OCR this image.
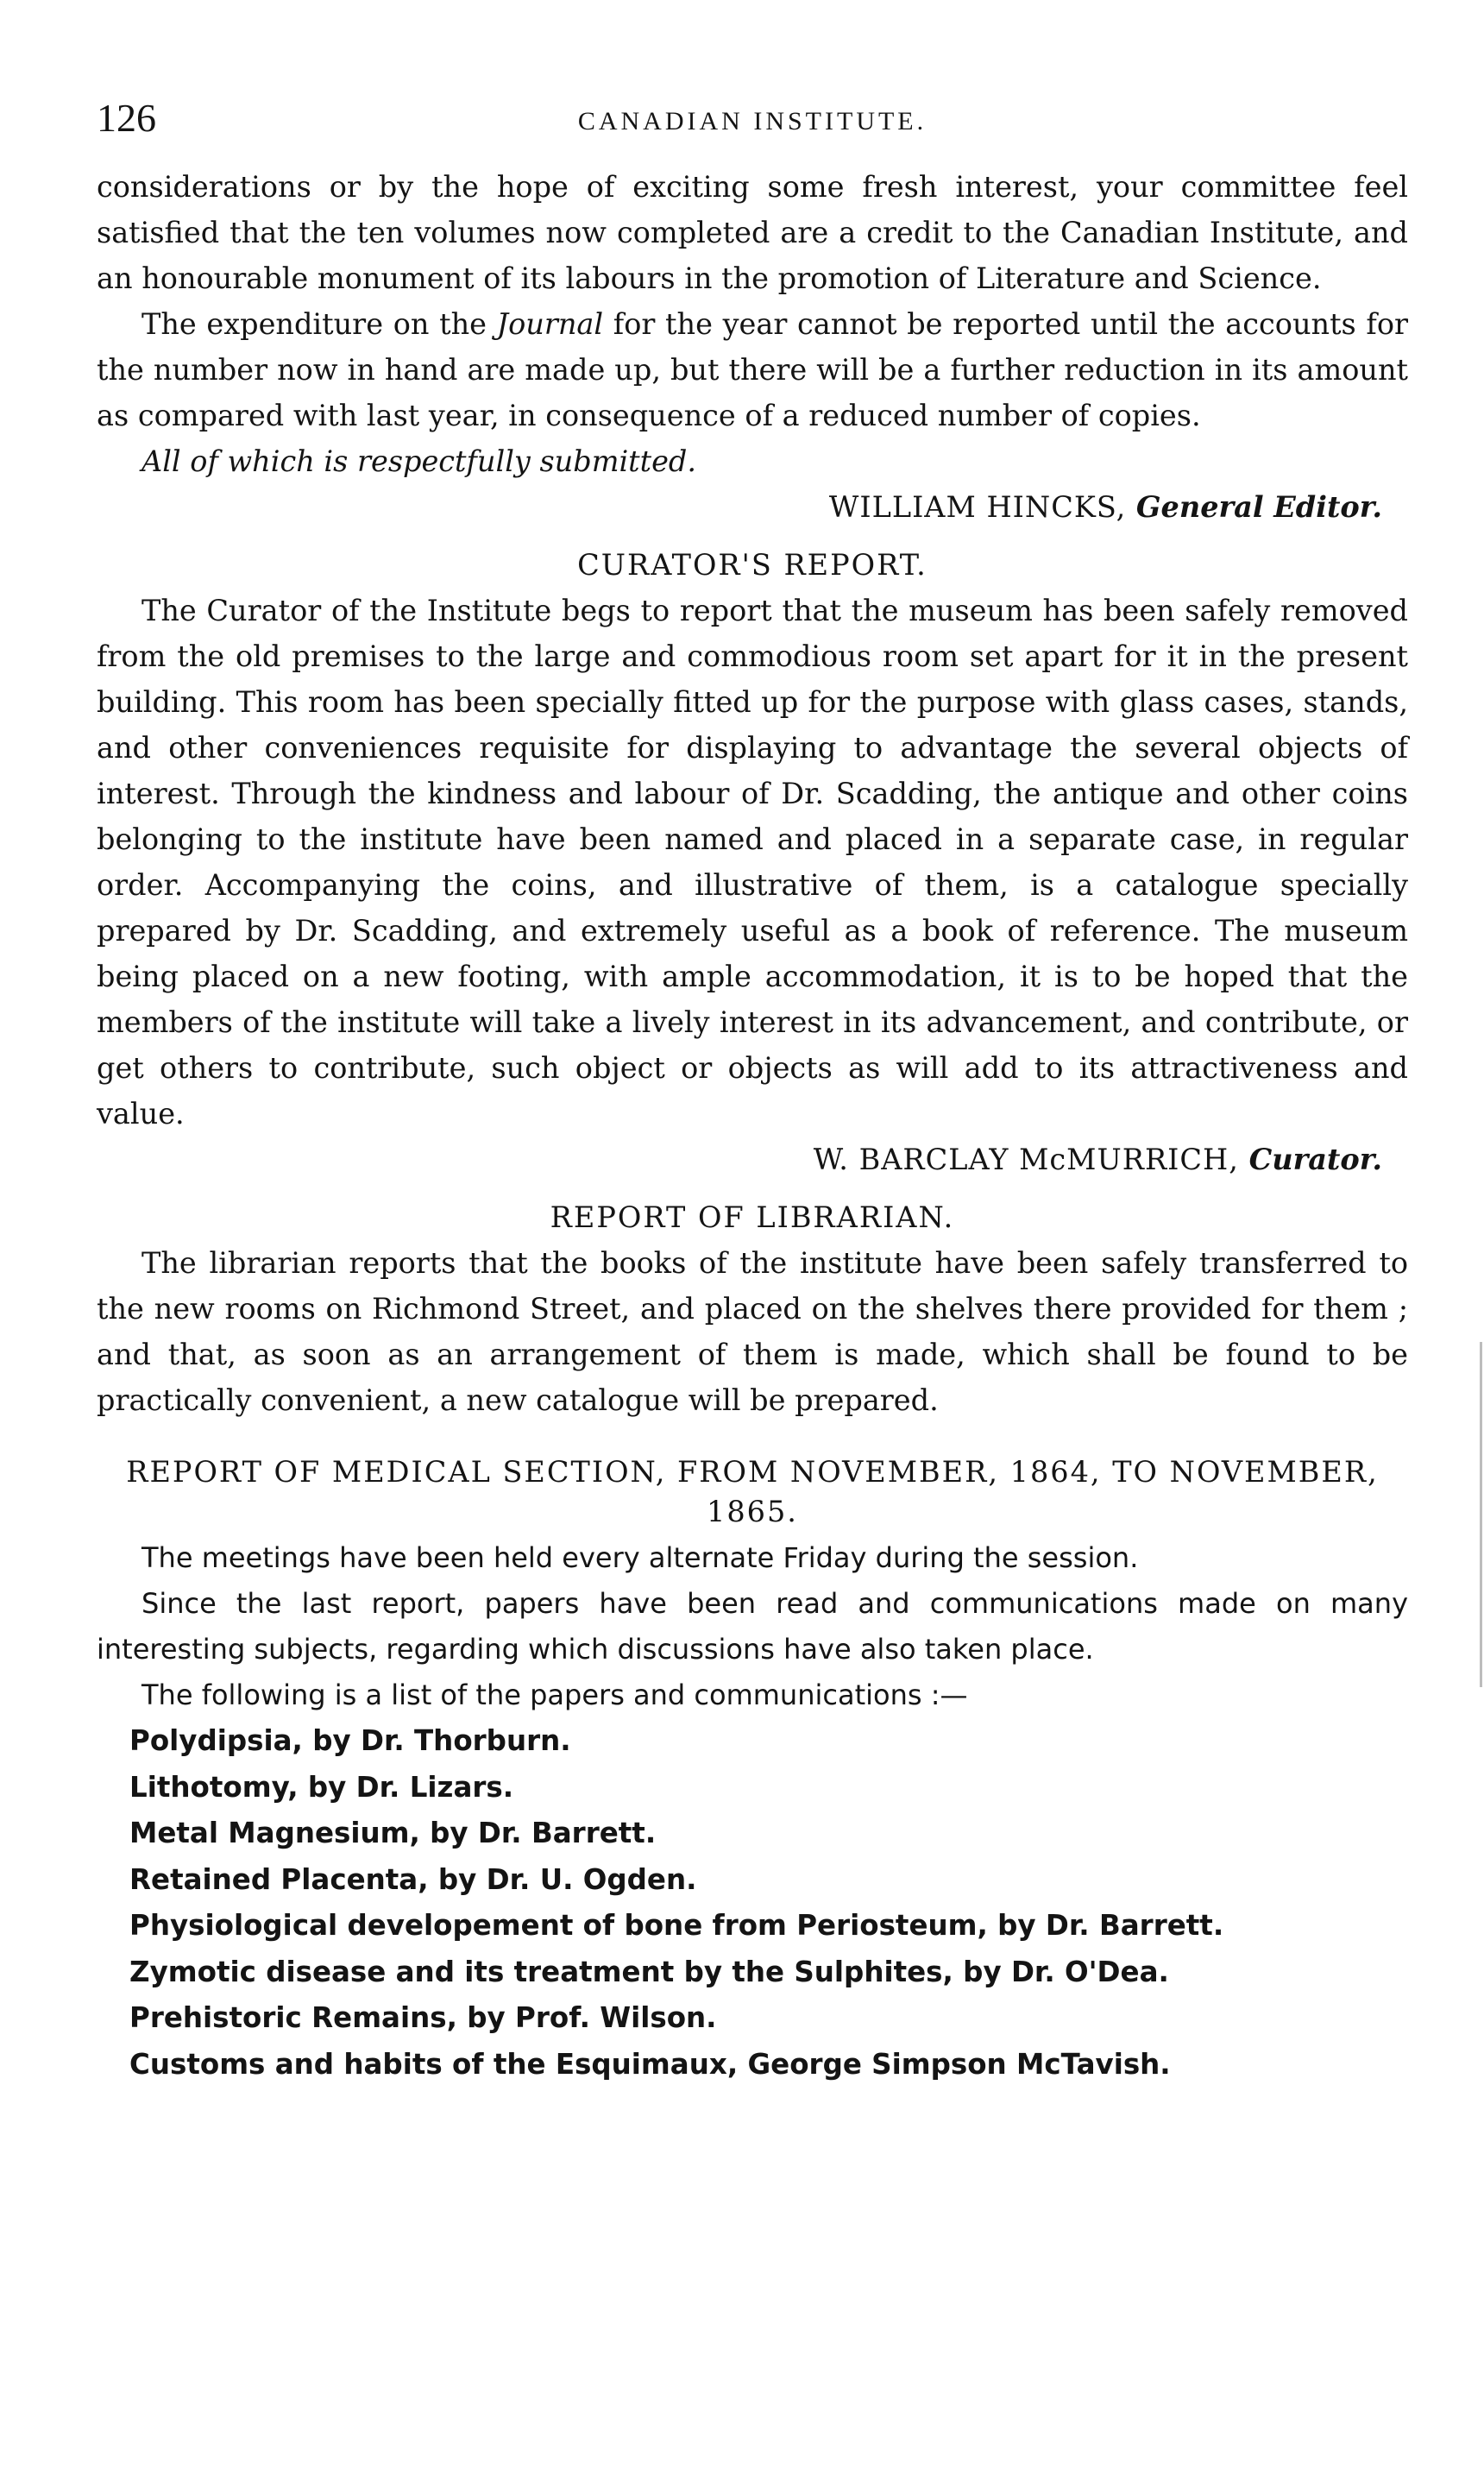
126	CANADIAN INSTITUTE.

considerations or by the hope of exciting some fresh interest, your committee feel satisfied that the ten volumes now completed are a credit to the Canadian Institute, and an honourable monument of its labours in the promotion of Literature and Science.

The expenditure on the Journal for the year cannot be reported until the accounts for the number now in hand are made up, but there will be a further reduction in its amount as compared with last year, in consequence of a reduced number of copies.

All of which is respectfully submitted.

WILLIAM HINCKS, General Editor.
CURATOR'S REPORT.

The Curator of the Institute begs to report that the museum has been safely removed from the old premises to the large and commodious room set apart for it in the present building. This room has been specially fitted up for the purpose with glass cases, stands, and other conveniences requisite for displaying to advantage the several objects of interest. Through the kindness and labour of Dr. Scadding, the antique and other coins belonging to the institute have been named and placed in a separate case, in regular order. Accompanying the coins, and illustrative of them, is a catalogue specially prepared by Dr. Scadding, and extremely useful as a book of reference. The museum being placed on a new footing, with ample accommodation, it is to be hoped that the members of the institute will take a lively interest in its advancement, and contribute, or get others to contribute, such object or objects as will add to its attractiveness and value.

W. BARCLAY McMURRICH, Curator.
REPORT OF LIBRARIAN.

The librarian reports that the books of the institute have been safely transferred to the new rooms on Richmond Street, and placed on the shelves there provided for them ; and that, as soon as an arrangement of them is made, which shall be found to be practically convenient, a new catalogue will be prepared.

REPORT OF MEDICAL SECTION, FROM NOVEMBER, 1864, TO NOVEMBER, 1865.

The meetings have been held every alternate Friday during the session.

Since the last report, papers have been read and communications made on many interesting subjects, regarding which discussions have also taken place.

The following is a list of the papers and communications :—

Polydipsia, by Dr. Thorburn.
Lithotomy, by Dr. Lizars.
Metal Magnesium, by Dr. Barrett.
Retained Placenta, by Dr. U. Ogden.
Physiological developement of bone from Periosteum, by Dr. Barrett.
Zymotic disease and its treatment by the Sulphites, by Dr. O'Dea.
Prehistoric Remains, by Prof. Wilson.
Customs and habits of the Esquimaux, George Simpson McTavish.
